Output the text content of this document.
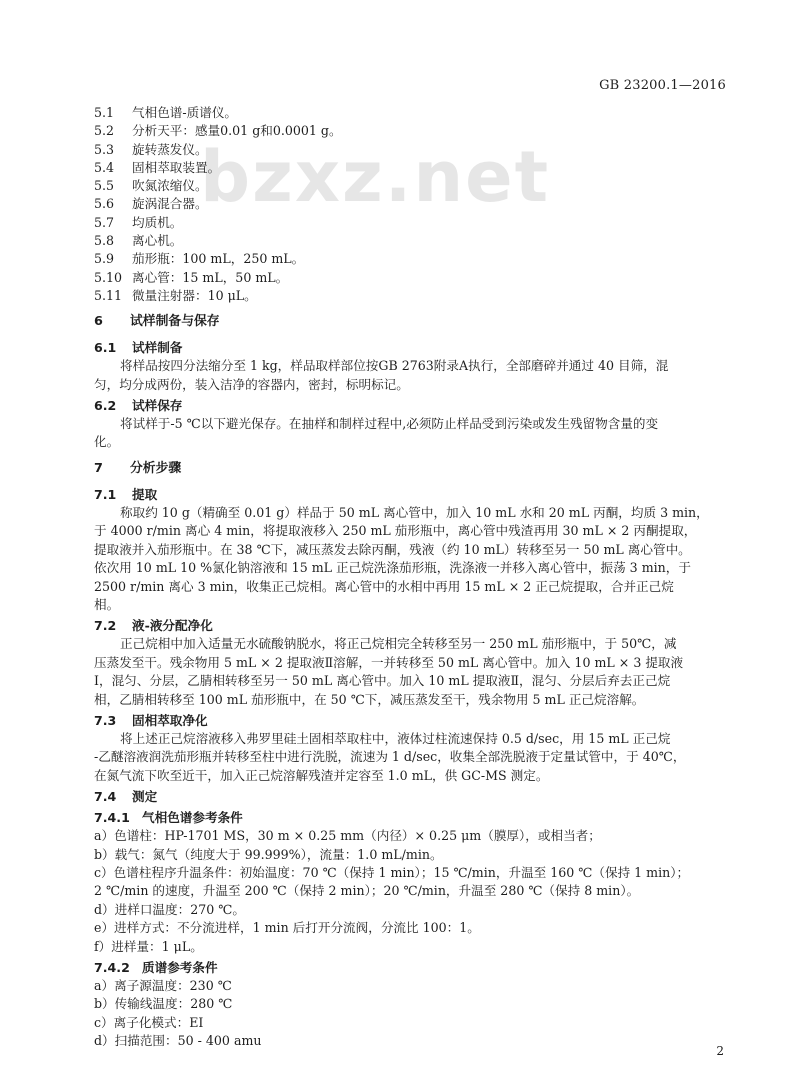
GB 23200.1—2016
bzxz.net
5.1 气相色谱-质谱仪。
5.2 分析天平：感量0.01 g和0.0001 g。
5.3 旋转蒸发仪。
5.4 固相萃取装置。
5.5 吹氮浓缩仪。
5.6 旋涡混合器。
5.7 均质机。
5.8 离心机。
5.9 茄形瓶：100 mL，250 mL。
5.10 离心管：15 mL，50 mL。
5.11 微量注射器：10 μL。
6 试样制备与保存
6.1 试样制备
将样品按四分法缩分至 1 kg，样品取样部位按GB 2763附录A执行，全部磨碎并通过 40 目筛，混
匀，均分成两份，装入洁净的容器内，密封，标明标记。
6.2 试样保存
将试样于-5 ℃以下避光保存。在抽样和制样过程中,必须防止样品受到污染或发生残留物含量的变
化。
7 分析步骤
7.1 提取
称取约 10 g（精确至 0.01 g）样品于 50 mL 离心管中，加入 10 mL 水和 20 mL 丙酮，均质 3 min，
于 4000 r/min 离心 4 min，将提取液移入 250 mL 茄形瓶中，离心管中残渣再用 30 mL × 2 丙酮提取，
提取液并入茄形瓶中。在 38 ℃下，减压蒸发去除丙酮，残液（约 10 mL）转移至另一 50 mL 离心管中。
依次用 10 mL 10 %氯化钠溶液和 15 mL 正己烷洗涤茄形瓶，洗涤液一并移入离心管中，振荡 3 min，于
2500 r/min 离心 3 min，收集正己烷相。离心管中的水相中再用 15 mL × 2 正己烷提取，合并正己烷
相。
7.2 液-液分配净化
正己烷相中加入适量无水硫酸钠脱水，将正己烷相完全转移至另一 250 mL 茄形瓶中，于 50℃，减
压蒸发至干。残余物用 5 mL × 2 提取液Ⅱ溶解，一并转移至 50 mL 离心管中。加入 10 mL × 3 提取液
Ⅰ，混匀、分层，乙腈相转移至另一 50 mL 离心管中。加入 10 mL 提取液Ⅱ，混匀、分层后弃去正己烷
相，乙腈相转移至 100 mL 茄形瓶中，在 50 ℃下，减压蒸发至干，残余物用 5 mL 正己烷溶解。
7.3 固相萃取净化
将上述正己烷溶液移入弗罗里硅土固相萃取柱中，液体过柱流速保持 0.5 d/sec，用 15 mL 正己烷
-乙醚溶液润洗茄形瓶并转移至柱中进行洗脱，流速为 1 d/sec，收集全部洗脱液于定量试管中，于 40℃，
在氮气流下吹至近干，加入正己烷溶解残渣并定容至 1.0 mL，供 GC-MS 测定。
7.4 测定
7.4.1 气相色谱参考条件
a）色谱柱：HP-1701 MS，30 m × 0.25 mm（内径）× 0.25 μm（膜厚），或相当者；
b）载气：氮气（纯度大于 99.999%），流量：1.0 mL/min。
c）色谱柱程序升温条件：初始温度：70 ℃（保持 1 min）；15 ℃/min，升温至 160 ℃（保持 1 min）；
2 ℃/min 的速度，升温至 200 ℃（保持 2 min）；20 ℃/min，升温至 280 ℃（保持 8 min）。
d）进样口温度：270 ℃。
e）进样方式：不分流进样，1 min 后打开分流阀，分流比 100：1。
f）进样量：1 μL。
7.4.2 质谱参考条件
a）离子源温度：230 ℃
b）传输线温度：280 ℃
c）离子化模式：EI
d）扫描范围：50 - 400 amu
2
